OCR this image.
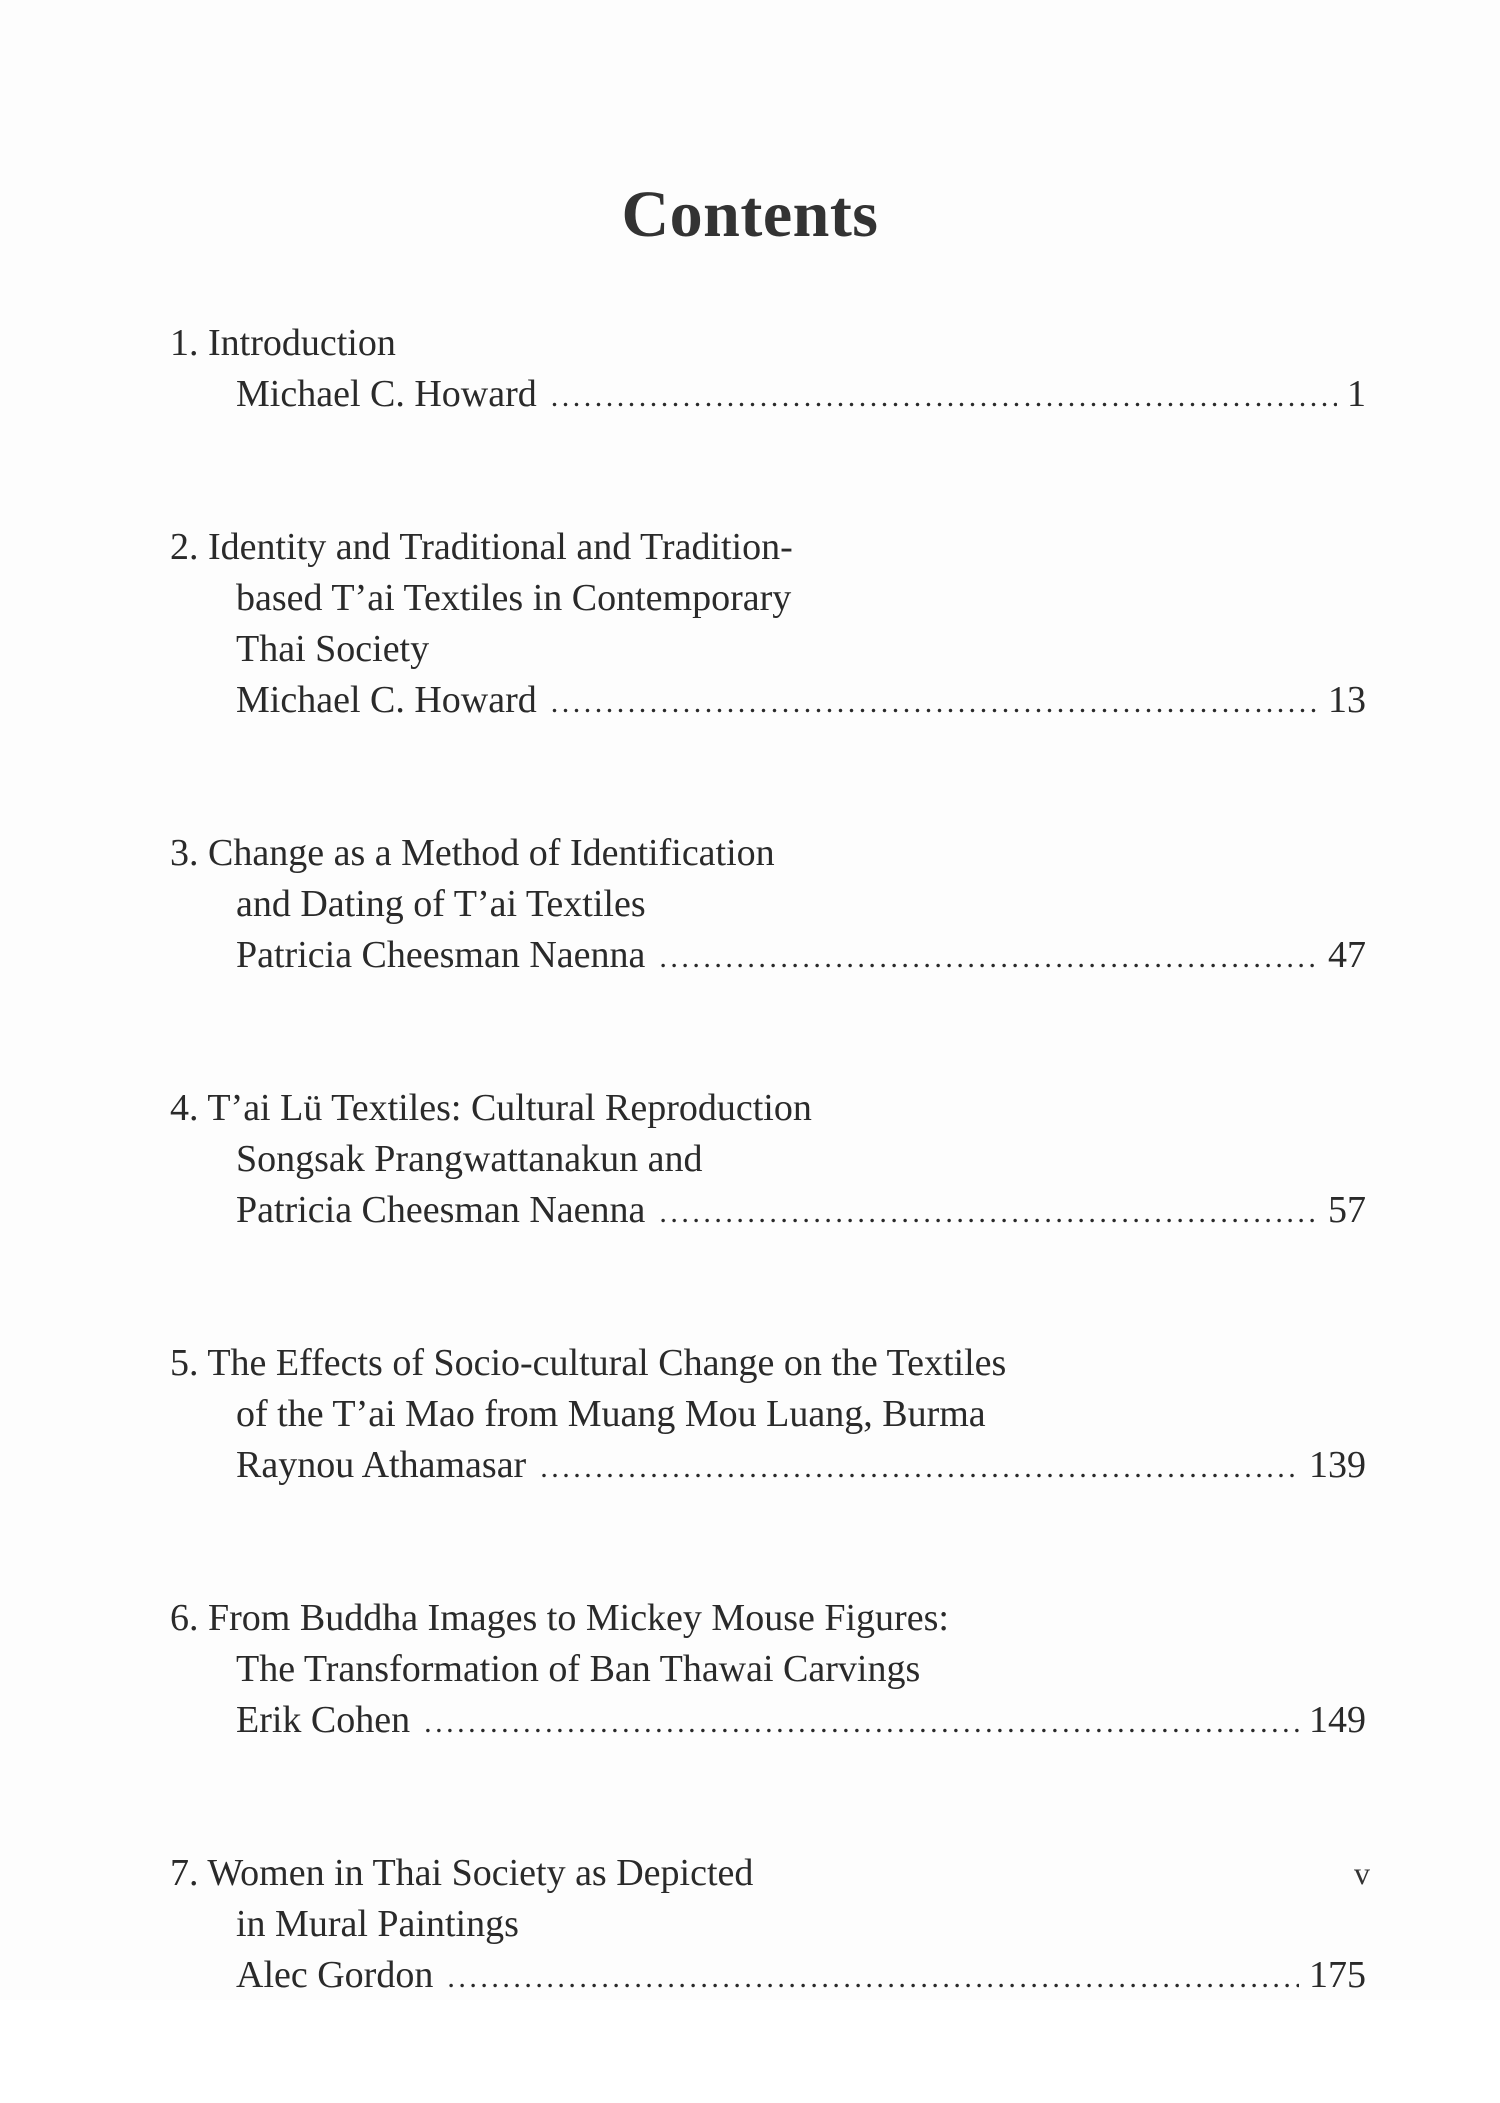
Contents
1. Introduction
Michael C. Howard . . .	1
2. Identity and Traditional and Tradition-
based T’ai Textiles in Contemporary
Thai Society
Michael C. Howard . . .	13
3. Change as a Method of Identification
and Dating of T’ai Textiles
Patricia Cheesman Naenna . . .	47
4. T’ai Lü Textiles: Cultural Reproduction
Songsak Prangwattanakun and
Patricia Cheesman Naenna . . .	57
5. The Effects of Socio-cultural Change on the Textiles
of the T’ai Mao from Muang Mou Luang, Burma
Raynou Athamasar . . .	139
6. From Buddha Images to Mickey Mouse Figures:
The Transformation of Ban Thawai Carvings
Erik Cohen . . .	149
7. Women in Thai Society as Depicted
in Mural Paintings
Alec Gordon . . .	175
v
